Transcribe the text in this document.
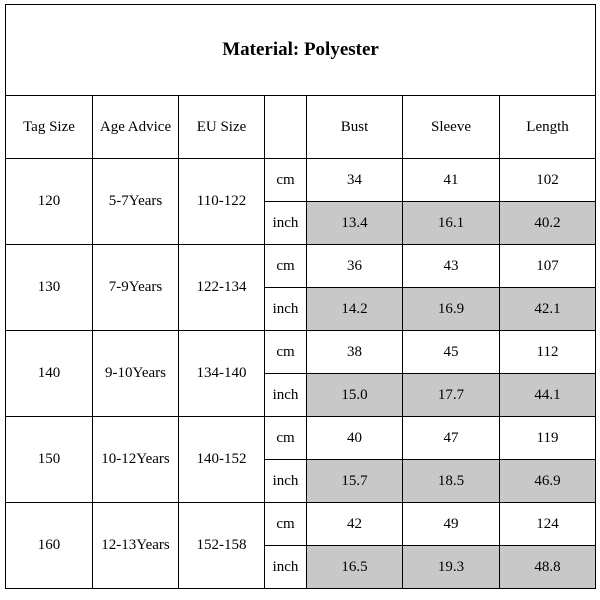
Material: Polyester						
Tag Size	Age Advice	EU Size		Bust	Sleeve	Length
120	5-7Years	110-122	cm	34	41	102
			inch	13.4	16.1	40.2
130	7-9Years	122-134	cm	36	43	107
			inch	14.2	16.9	42.1
140	9-10Years	134-140	cm	38	45	112
			inch	15.0	17.7	44.1
150	10-12Years	140-152	cm	40	47	119
			inch	15.7	18.5	46.9
160	12-13Years	152-158	cm	42	49	124
			inch	16.5	19.3	48.8
